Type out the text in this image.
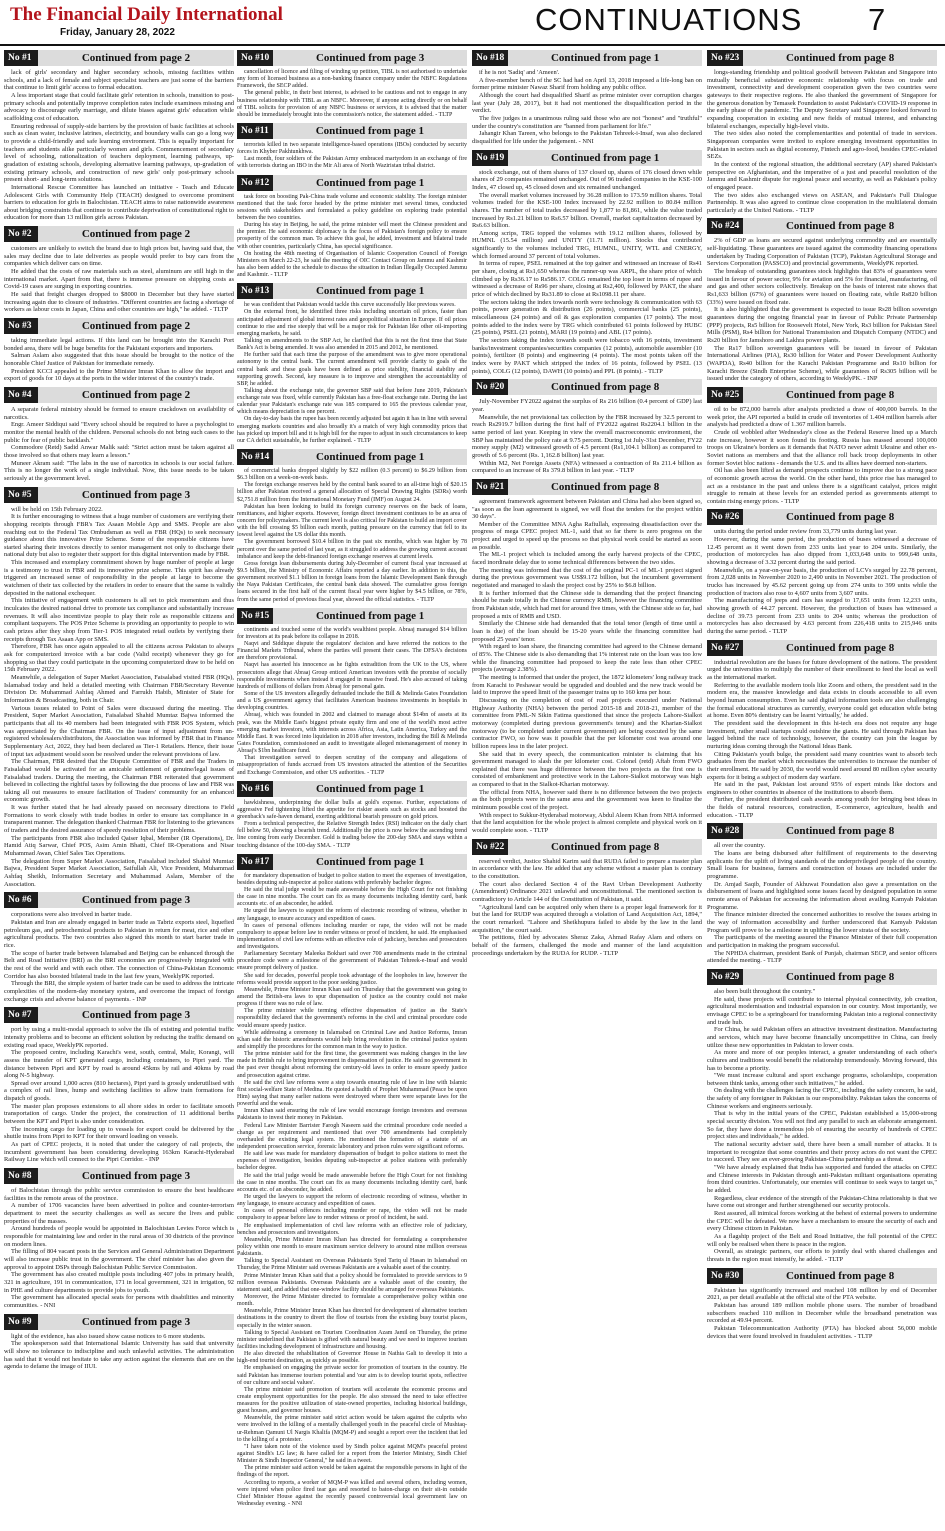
The Financial Daily International
Friday, January 28, 2022	CONTINUATIONS 7
No #1	Continued from page 2

lack of girls' secondary and higher secondary schools, missing facilities within schools, and a lack of female and subject specialist teachers are just some of the barriers that continue to limit girls' access to formal education.

A less important stage that could facilitate girls' retention in schools, transition to post-primary schools and potentially improve completion rates include examinees missing and advocacy to discourage early marriage, and dilute biases against girls' education while scaffolding cost of education.

Ensuring redressal of supply-side barriers by the provision of basic facilities at schools such as clean water, inclusive latrines, electricity, and boundary walls can go a long way to provide a child-friendly and safe learning environment. This is equally important for teachers and students alike particularly women and girls. Commencement of secondary level of schooling, rationalization of teachers deployment, learning pathways, up-gradation of existing schools, developing alternative learning pathways, up-gradation of existing primary schools, and construction of new girls' only post-primary schools present short- and long-term solutions.

International Rescue Committee has launched an initiative - Teach and Educate Adolescent Girls with Community Help (TEACH) designed to overcome prominent barriers to education for girls in Balochistan. TEACH aims to raise nationwide awareness about bridging constraints that continue to contribute deprivation of constitutional right to education for more than 13 million girls across Pakistan.

No #2	Continued from page 2

customers are unlikely to switch the brand due to high prices but, having said that, the sales may decline due to late deliveries as people would prefer to buy cars from the companies which deliver cars on time.

He added that the costs of raw materials such as steel, aluminum are still high in the international market. Apart from that, there is immense pressure on shipping costs as Covid-19 cases are surging in exporting countries.

He said that freight charges dropped to $8000 in December but they have started increasing again due to closure of industries. "Different countries are facing a shortage of workers as labour costs in Japan, China and other countries are high," he added. - TLTP

No #3	Continued from page 2

taking immediate legal actions. If this land can be brought into the Karachi Port bonded area, there will be huge benefits for the Pakistani exporters and importers.

Salman Aslam also suggested that this issue should be brought to the notice of the honorable Chief Justice of Pakistan for immediate remedy.

President KCCI appealed to the Prime Minister Imran Khan to allow the import and export of goods for 10 days at the ports in the wider interest of the country's trade.

No #4	Continued from page 2

A separate federal ministry should be formed to ensure crackdown on availability of narcotics.

Engr. Ameer Siddiqui said "Every school should be required to have a psychologist to monitor the mental health of the children. Personal schools do not bring such cases to the public for fear of public backlash."

Commodore (Retd) Sadid Anwar Malik said: "Strict action must be taken against all those involved so that others may learn a lesson."

Muneer Akram said: "The labs in the use of narcotics in schools is our social failure. This is no longer the work of a single individual. Now, this issue needs to be taken seriously at the government level.

No #5	Continued from page 3

will be held on 15th February 2022.

It is further encouraging to witness that a huge number of customers are verifying their shopping receipts through FBR's Tax Asaan Mobile App and SMS. People are also reaching out to the Federal Tax Ombudsman as well as FBR (HQs) to seek necessary guidance about this innovative Prize Scheme. Some of the responsible citizens have started sharing their invoices directly to senior management not only to discharge their national duty but also to register their support for this digital intervention made by FBR.

This increased and exemplary commitment shown by huge number of people at large is a testimony to trust in FBR and its innovative prize scheme. This spirit has already triggered an increased sense of responsibility in the people at large to become the watchmen of their tax collected by the retailers in order to ensure that the same is validly deposited in the national exchequer.

This initiative of engagement with customers is all set to pick momentum and thus inculcates the desired national drive to promote tax compliance and substantially increase revenues. It will also incentivize people to play their role as responsible citizens and compliant taxpayers. The POS Prize Scheme is providing an opportunity to people to win cash prizes after they shop from Tier-1 POS integrated retail outlets by verifying their receipts through Tax Asaan App or SMS.

Therefore, FBR has once again appealed to all the citizens across Pakistan to always ask for computerized invoice with a bar code (Valid receipt) whenever they go for shopping so that they could participate in the upcoming computerized draw to be held on 15th February 2022.

Meanwhile, a delegation of Super Market Association, Faisalabad visited FBR (HQs), Islamabad today and held a detailed meeting with Chairman FBR/Secretary Revenue Division Dr. Muhammad Ashfaq Ahmed and Farrukh Habib, Minister of State for Information & Broadcasting, both in Chair.

Various issues related to Point of Sales were discussed during the meeting. The President, Super Market Association, Faisalabad Shahid Mumtaz Bajwa informed the participants that all its 40 members had been integrated with FBR POS System, which was appreciated by the Chairman FBR. On the issue of input adjustment from un-registered wholesalers/distributors, the Association was informed by FBR that in Finance Supplementary Act, 2022, they had been declared as Tier-1 Retailers. Hence, their issue of input tax adjustment would soon be resolved under the relevant provisions of law.

The Chairman, FBR desired that the Dispute Committee of FBR and the Traders in Faisalabad would be activated for an amicable settlement of genuine/legal issues of Faisalabad traders. During the meeting, the Chairman FBR reiterated that government believed in collecting the rightful taxes by following the due process of law and FBR was taking all out measures to ensure facilitation of Traders' community for an enhanced economic growth.

It was further stated that he had already passed on necessary directions to Field Formations to work closely with trade bodies in order to ensure tax compliance in a transparent manner. The delegation thanked Chairman FBR for listening to the grievances of traders and the desired assurance of speedy resolution of their problems.

The participants from FBR also included Qaiser Iqbal, Member (IR Operations), Dr. Hamid Atiq Sarwar, Chief POS, Asim Amin Bhatti, Chief IR-Operations and Nisar Muhammad Awan, Chief Sales Tax Operations.

The delegation from Super Market Association, Faisalabad included Shahid Mumtaz Bajwa, President Super Market Association, Saifullah Ali, Vice President, Muhammad Ashfaq Sheikh, Information Secretary and Muhammad Aslam, Member of the Association.

No #6	Continued from page 3

corporations were also involved in barter trade.

Pakistan and Iran are already engaged in barter trade as Tabriz exports steel, liquefied petroleum gas, and petrochemical products to Pakistan in return for meat, rice and other agricultural products. The two countries also signed this month to start barter trade in rice.

The scope of barter trade between Islamabad and Beijing can be enhanced through the Belt and Road Initiative (BRI) as the BRI economies are progressively integrated with the rest of the world and with each other. The connection of China-Pakistan Economic Corridor has also boosted bilateral trade in the last few years, WeeklyPK reported.

Through the BRI, the simple system of barter trade can be used to address the intricate complexities of the modern-day monetary system, and overcome the impact of foreign exchange crisis and adverse balance of payments. - INP

No #7	Continued from page 3

port by using a multi-modal approach to solve the ills of existing and potential traffic intensity problems and to become an efficient solution by reducing the traffic demand on existing road space, WeeklyPK reported.

The proposed centre, including Karachi's west, south, central, Malir, Korangi, will assess the transfer of KPT generated cargo, including containers, to Pipri yard. The distance between Pipri and KPT by road is around 45kms by rail and 40kms by road along N-5 highway.

Spread over around 1,000 acres (810 hectares), Pipri yard is grossly underutilised with a complex of rail lines, hump and switching facilities to allow train formations for dispatch of goods.

The master plan proposes extensions to all shore sides in order to facilitate smooth transportation of cargo. Under the project, the construction of 11 additional berths between the KPT and Pipri is also under consideration.

The incoming cargo for loading up to vessels for export could be delivered by the shuttle trains from Pipri to KPT for their onward loading on vessels.

As part of CPEC projects, it is noted that under the category of rail projects, the incumbent government has been considering developing 163km Karachi-Hyderabad Railway Line which will connect to the Pipri Corridor. - INP

No #8	Continued from page 3

of Balochistan through the public service commission to ensure the best healthcare facilities in the remote areas of the province.

A number of 1706 vacancies have been advertised in police and counter-terrorism department to meet the security challenges as well as secure the lives and public properties of the masses.

Around hundreds of people would be appointed in Balochistan Levies Force which is responsible for maintaining law and order in the rural areas of 30 districts of the province on modern lines.

The filling of 804 vacant posts in the Services and General Administration Department will also increase public trust in the government. The chief minister has also given the approval to appoint DSPs through Balochistan Public Service Commission.

The government has also created multiple posts including 407 jobs in primary health, 321 in agriculture, 191 in communication, 171 in local government, 321 in irrigation, 92 in PHE and culture departments to provide jobs to youth.

The government has allocated special seats for persons with disabilities and minority communities. - NNI

No #9	Continued from page 3

light of the evidence, has also issued show cause notices to 6 more students.

The spokesperson said that International Islamic University has said that university will show no tolerance to indiscipline and such unlawful activities. The administration has said that it would not hesitate to take any action against the elements that are on the agenda to defame the image of IIUI.

No #10	Continued from page 3

cancellation of licence and filing of winding up petition, TIBL is not authorised to undertake any form of licensed business as a non-banking finance company under the NBFC Regulations Framework, the SECP added.

The general public, in their best interest, is advised to be cautious and not to engage in any business relationship with TIBL as an NBFC. Moreover, if anyone acting directly or on behalf of TIBL solicits for provision of any NBFC business or services, it is advised that the matter should be immediately brought into the commission's notice, the statement added. - TLTP

No #11	Continued from page 1

terrorists killed in two separate intelligence-based operations (IBOs) conducted by security forces in Khyber Pakhtunkhwa.

Last month, four soldiers of the Pakistan Army embraced martyrdom in an exchange of fire with terrorists during an IBO in the Mir Ali area of North Waziristan tribal district.

No #12	Continued from page 1

task force on boosting Pak-China trade volume and economic stability. The foreign minister mentioned that the task force headed by the prime minister met several times, conducted sessions with stakeholders and formulated a policy guideline on exploring trade potential between the two countries.

During his stay in Beijing, he said, the prime minister will meet the Chinese president and the premier. He said economic diplomacy is the focus of Pakistan's foreign policy to ensure prosperity of the common man. To achieve this goal, he added, investment and bilateral trade with other countries, particularly China, has special significance.

On hosting the 48th meeting of Organisation of Islamic Cooperation Council of Foreign Ministers on March 22-23, he said the meeting of OIC Contact Group on Jammu and Kashmir has also been added to the schedule to discuss the situation in Indian Illegally Occupied Jammu and Kashmir. - TLTP

No #13	Continued from page 1

he was confident that Pakistan would tackle this curve successfully like previous waves.

On the external front, he identified three risks including uncertain oil prices, faster than anticipated adjustment of global interest rates and geopolitical situation in Europe. If oil prices continue to rise and rise steeply that will be a major risk for Pakistan like other oil-importing emerging markets, he said.

Talking on amendments to the SBP Act, he clarified that this is not the first time that State Bank's Act is being amended. It was also amended in 2015 and 2012, he mentioned.

He further said that each time the purpose of the amendment was to give more operational autonomy to the central bank. The current amendment will provide clarity to goals of the central bank and these goals have been defined as price stability, financial stability and supporting growth. Second, key measure is to improve and strengthen the accountability of SBP, he added.

Talking about the exchange rate, the governor SBP said that before June 2019, Pakistan's exchange rate was fixed, while currently Pakistan has a free-float exchange rate. During the last calendar year Pakistan's exchange rate was 185 compared to 165 the previous calendar year, which means depreciation is one percent.

On day-to-day basis the rupee has been recently adjusted but again it has in line with several emerging markets countries and also broadly it's a match of very high commodity prices that has picked up import bill and it is high bill for the rupee to adjust in such circumstances to keep our CA deficit sustainable, he further explained. - TLTP

No #14	Continued from page 1

of commercial banks dropped slightly by $22 million (0.3 percent) to $6.29 billion from $6.3 billion on a week-on-week basis.

The foreign exchange reserves held by the central bank soared to an all-time high of $20.15 billion after Pakistan received a general allocation of Special Drawing Rights (SDRs) worth $2,751.8 million from the International Monetary Fund (IMF) on August 24.

Pakistan has been looking to build its foreign currency reserves on the back of loans, remittances, and higher exports. However, foreign direct investment continues to be an area of concern for policymakers. The current level is also critical for Pakistan to build an import cover with the bill crossing $5 billion each month, putting pressure on the currency that fell to its lowest level against the US dollar this month.

The government borrowed $10.4 billion in the past six months, which was higher by 78 percent over the same period of last year, as it struggled to address the growing current account imbalance and keep the debt-financed foreign exchange reserves at current levels.

Gross foreign loan disbursements during July-December of current fiscal year increased at $9.5 billion, the Ministry of Economic Affairs reported a day earlier. In addition to this, the government received $1.1 billion in foreign loans from the Islamic Development Bank through the Naya Pakistan Certificates, the central bank data showed. The cumulative gross foreign loans secured in the first half of the current fiscal year were higher by $4.5 billion, or 78%, from the same period of previous fiscal year, showed the official statistics. - TLTP

No #15	Continued from page 1

continents and touched some of the world's wealthiest people. Abraaj managed $14 billion for investors at its peak before its collapse in 2018.

Naqvi and Siddique dispute the regulators' decision and have referred the notices to the Financial Markets Tribunal, where the parties will present their cases. The DFSA's decisions are therefore provisional.

Naqvi has asserted his innocence as he fights extradition from the UK to the US, where prosecutors allege that Abraaj Group enticed American investors with the promise of socially responsible investments when instead it engaged in massive fraud. He's also accused of taking hundreds of millions of dollars from Abraaj for personal gain.

Some of the US investors allegedly defrauded include the Bill & Melinda Gates Foundation and a US government agency that facilitates American business investments in hospitals in developing countries.

Abraaj, which was founded in 2002 and claimed to manage about $14bn of assets at its peak, was the Middle East's biggest private equity firm and one of the world's most active emerging market investors, with interests across Africa, Asia, Latin America, Turkey and the Middle East. It was forced into liquidation in 2018 after investors, including the Bill & Melinda Gates Foundation, commissioned an audit to investigate alleged mismanagement of money in Abraaj's $1bn healthcare fund.

That investigation served to deepen scrutiny of the company and allegations of misappropriation of funds accrued from US investors attracted the attention of the Securities and Exchange Commission, and other US authorities. - TLTP

No #16	Continued from page 1

hawkishness, underpinning the dollar bulls at gold's expense. Further, expectations of aggressive Fed tightening lifted the appetite for riskier assets such as stocks and boosted the greenback's safe-haven demand, exerting additional bearish pressure on gold prices.

From a technical perspective, the Relative Strength Index (RSI) indicator on the daily chart fell below 50, showing a bearish trend. Additionally the price is now below the ascending trend line coming from early December. Gold is trading below the 200-day SMA and stays within a touching distance of the 100-day SMA. - TLTP

No #17	Continued from page 1

for mandatory dispensation of budget to police station to meet the expenses of investigation, besides deputing sub-inspector at police stations with preferably bachelor degree.

He said the trial judge would be made answerable before the High Court for not finishing the case in nine months. The court can fix as many documents including identity card, bank accounts etc. of an absconder, he added.

He urged the lawyers to support the reform of electronic recording of witness, whether in any language, to ensure accuracy and expedition of cases.

In cases of personal offences including murder or rape, the video will not be made compulsory to appear before law to render witness or proof of incident, he said. He emphasised implementation of civil law reforms with an effective role of judiciary, benches and prosecutors and investigators.

Parliamentary Secretary Maleeka Bokhari said over 700 amendments made in the criminal procedure code were a milestone of the government of Pakistan Tehreek-e-Insaf and would ensure prompt delivery of justice.

She said for decades, powerful people took advantage of the loopholes in law, however the reforms would provide support to the poor seeking justice.

Meanwhile, Prime Minister Imran Khan said on Thursday that the government was going to amend the British-era laws to spur dispensation of justice as the country could not make progress if there was no rule of law.

The prime minister while terming effective dispensation of justice as the State's responsibility declared that the government's reforms in the civil and criminal procedure code would ensure speedy justice.

While addressing a ceremony in Islamabad on Criminal Law and Justice Reforms, Imran Khan said the historic amendments would help bring revolution in the criminal justice system and simplify the procedures for the common man in the way to justice.

The prime minister said for the first time, the government was making changes in the law made in British rule to bring improvement in dispensation of justice. He said no government in the past ever thought about reforming the century-old laws in order to ensure speedy justice and prosecution against crime.

He said the civil law reforms were a step towards ensuring rule of law in line with Islamic first social-welfare State of Medina. He quoted a hadith of Prophet Muhammad (Peace be upon Him) saying that many earlier nations were destroyed where there were separate laws for the powerful and the weak.

Imran Khan said ensuring the rule of law would encourage foreign investors and overseas Pakistanis to invest their money in Pakistan.

Federal Law Minister Barrister Farogh Naseem said the criminal procedure code needed a change as per requirement and mentioned that over 700 amendments had completely overhauled the existing legal system. He mentioned the formation of a statute of an independent prosecution service, forensic laboratory and prison rules were significant reforms.

He said law was made for mandatory dispensation of budget to police stations to meet the expenses of investigation, besides deputing sub-inspector at police stations with preferably bachelor degree.

He said the trial judge would be made answerable before the High Court for not finishing the case in nine months. The court can fix as many documents including identity card, bank accounts etc. of an absconder, he added.

He urged the lawyers to support the reform of electronic recording of witness, whether in any language, to ensure accuracy and expedition of cases.

In cases of personal offences including murder or rape, the video will not be made compulsory to appear before law to render witness or proof of incident, he said.

He emphasised implementation of civil law reforms with an effective role of judiciary, benches and prosecutors and investigators.

Meanwhile, Prime Minister Imran Khan has directed for formulating a comprehensive policy within one month to ensure maximum service delivery to around nine million overseas Pakistanis.

Talking to Special Assistant on Overseas Pakistanis Syed Tariq ul Hasan in Islamabad on Thursday, the Prime Minister said overseas Pakistanis are a valuable asset of the country.

Prime Minister Imran Khan said that a policy should be formulated to provide services to 9 million overseas Pakistanis. Overseas Pakistanis are a valuable asset of the country, the statement said, and added that one-window facility should be arranged for overseas Pakistanis.

Moreover, the Prime Minister directed to formulate a comprehensive policy within one month.

Meanwhile, Prime Minister Imran Khan has directed for development of alternative tourism destinations in the country to divert the flow of tourists from the existing busy tourist places, especially in the winter season.

Talking to Special Assistant on Tourism Coordination Azam Jamil on Thursday, the prime minister underlined that Pakistan is gifted with natural beauty and we need to improve tourism facilities including development of infrastructure and housing.

He also directed the rehabilitation of Governor House in Nathia Gali to develop it into a high-end tourist destination, as quickly as possible.

He emphasised on engaging the private sector for promotion of tourism in the country. He said Pakistan has immense tourism potential and 'our aim is to develop tourist spots, reflective of our culture and social values'.

The prime minister said promotion of tourism will accelerate the economic process and create employment opportunities for the people. He also stressed the need to take effective measures for the positive utilization of state-owned properties, including historical buildings, guest houses, and governor houses.

Meanwhile, the prime minister said strict action would be taken against the culprits who were involved in the killing of a mentally challenged youth in the peaceful circle of Mushtaq-ur-Rehman Qamuni Ul Nargis Khalifa (MQM-P) and sought a report over the incident that led to the killing of a protester.

"I have taken note of the violence used by Sindh police against MQM's peaceful protest against Sindh's LG law; & have called for a report from the Interior Ministry, Sindh Chief Minister & Sindh Inspector General," he said in a tweet.

The prime minister said action would be taken against the responsible persons in light of the findings of the report.

According to reports, a worker of MQM-P was killed and several others, including women, were injured when police fired tear gas and resorted to baton-charge on their sit-in outside Chief Minister House against the recently passed controversial local government law on Wednesday evening. - NNI

No #18	Continued from page 1

if he is not 'Sadiq' and 'Ameen'.

A five-member bench of the SC had had on April 13, 2018 imposed a life-long ban on former prime minister Nawaz Sharif from holding any public office.

Although the court had disqualified Sharif as prime minister over corruption charges last year (July 28, 2017), but it had not mentioned the disqualification period in the verdict.

The five judges in a unanimous ruling said those who are not "honest" and "truthful" under the country's constitution are "banned from parliament for life."

Jahangir Khan Tareen, who belongs to the Pakistan Tehreek-i-Insaf, was also declared disqualified for life under the judgement. - NNI

No #19	Continued from page 1

stock exchange, out of them shares of 137 closed up, shares of 176 closed down while shares of 29 companies remained unchanged. Out of 96 traded companies in the KSE-100 Index, 47 closed up, 45 closed down and six remained unchanged.

The overall market volumes increased by 36.28 million to 173.59 million shares. Total volumes traded for the KSE-100 Index increased by 22.92 million to 80.84 million shares. The number of total trades decreased by 1,877 to 81,861, while the value traded increased by Rs1.21 billion to Rs6.57 billion. Overall, market capitalization decreased by Rs6.63 billion.

Among scrips, TRG topped the volumes with 19.12 million shares, followed by HUMNL (15.54 million) and UNITY (11.71 million). Stocks that contributed significantly to the volumes included TRG, HUMNL, UNITY, WTL and CNERGY, which formed around 37 percent of total volumes.

In terms of rupee, PSEL remained at the top gainer and witnessed an increase of Rs41 per share, closing at Rs1,650 whereas the runner-up was ARPL, the share price of which climbed up by Rs36.17 to Rs586.17. COLG remained the top loser in terms of rupee and witnessed a decrease of Rs96 per share, closing at Rs2,400, followed by PAKT, the share price of which declined by Rs31.89 to close at Rs1098.11 per share.

The sectors taking the index towards north were technology & communication with 63 points, power generation & distribution (26 points), commercial banks (25 points), miscellaneous (24 points) and oil & gas exploration companies (17 points). The most points added to the index were by TRG which contributed 61 points followed by HUBC (25 points), PSEL (21 points), MARI (19 points) and ABL (17 points).

The sectors taking the index towards south were tobacco with 16 points, investment banks/investment companies/securities companies (12 points), automobile assembler (10 points), fertilizer (8 points) and engineering (4 points). The most points taken off the index were by PAKT which stripped the index of 16 points, followed by PSEL (13 points), COLG (12 points), DAWH (10 points) and PPL (8 points). - TLTP

No #20	Continued from page 8

July-November FY2022 against the surplus of Rs 216 billion (0.4 percent of GDP) last year.

Meanwhile, the net provisional tax collection by the FBR increased by 32.5 percent to reach Rs2919.7 billion during the first half of FY2022 against Rs2204.1 billion in the same period of last year. Keeping in view the overall macroeconomic environment, the SBP has maintained the policy rate at 9.75 percent. During 1st July-31st December, FY22 money supply (M2) witnessed growth of 4.5 percent (Rs1,104.1 billion) as compared to growth of 5.6 percent (Rs. 1,162.8 billion) last year.

Within M2, Net Foreign Assets (NFA) witnessed a contraction of Rs 211.4 billion as compared to an increase of Rs 379.8 billion in last year. - TLTP

No #21	Continued from page 8

agreement framework agreement between Pakistan and China had also been signed so, "as soon as the loan agreement is signed, we will float the tenders for the project within 30 days".

Member of the Committee MNA Agha Rafiullah, expressing dissatisfaction over the progress of mega CPEC project ML-1, said that so far there is zero progress on the project and urged to speed up the process so that physical work could be started as soon as possible.

The ML-1 project which is included among the early harvest projects of the CPEC, faced inordinate delay due to some technical differences between the two sides.

The meeting was informed that the cost of the original PC-1 of ML-1 project signed during the previous government was US$9.172 billion, but the incumbent government negotiated and managed to slash the project cost by 25% to $6.8 billion.

It is further informed that the Chinese side is demanding that the project financing should be made totally in the Chinese currency RMB, however the financing committee from Pakistan side, which had met for around five times, with the Chinese side so far, had proposed a mix of RMB and USD.

Similarly the Chinese side had demanded that the total tenor (length of time until a loan is due) of the loan should be 15-20 years while the financing committee had proposed 25 years' tenor.

With regard to loan share, the financing committee had agreed to the Chinese demand of 85%. The Chinese side is also demanding that 1% interest rate on the loan was too low while the financing committee had proposed to keep the rate less than other CPEC projects (average 2.38%).

The meeting is informed that under the project, the 1872 kilometers' long railway track from Karachi to Peshawar would be upgraded and doubled and the new track would be laid to improve the speed limit of the passenger trains up to 160 kms per hour.

Discussing on the completion of cost of road projects executed under National Highway Authority (NHA) between the period 2015-18 and 2018-21, member of the committee from PML-N Sikin Fatima questioned that since the projects Lahore-Sialkot motorway (completed during previous government's tenure) and the Kharian-Sialkot motorway (to be completed under current government) are being executed by the same contractor FWO, so how was it possible that the per kilometer cost was around one billion rupees less in the later project.

She said that in every speech, the communication minister is claiming that his government managed to slash the per kilometer cost. Colonel (retd) Aftab from FWO explained that there was huge difference between the two projects as the first one is consisted of embankment and protective work in the Lahore-Sialkot motorway was high as compared to that in the Sialkot-Kharian motorway.

The official from NHA, however said there is no difference between the two projects as the both projects were in the same area and the government was keen to finalize the minimum possible cost of the project.

With respect to Sukkur-Hyderabad motorway, Abdul Aleem Khan from NHA informed that the land acquisition for the whole project is almost complete and physical work on it would complete soon. - TLTP

No #22	Continued from page 8

reserved verdict, Justice Shahid Karim said that RUDA failed to prepare a master plan in accordance with the law. He added that any scheme without a master plan is contrary to the constitution.

The court also declared Section 4 of the Ravi Urban Development Authority (Amendment) Ordinance 2021 unlawful and unconstitutional. The mentioned section is contradictory to Article 144 of the Constitution of Pakistan, it said.

"Agricultural land can be acquired only when there is a proper legal framework for it but the land for RUDP was acquired through a violation of Land Acquisition Act, 1894," the court remarked. "Lahore and Sheikhupura failed to abide by the law in the land acquisition," the court said.

The petitions, filed by advocates Sheraz Zaka, Ahmad Rafay Alam and others on behalf of the farmers, challenged the mode and manner of the land acquisition proceedings undertaken by the RUDA for RUDP. - TLTP

No #23	Continued from page 8

longs-standing friendship and political goodwill between Pakistan and Singapore into mutually beneficial substantive economic relationship with focus on trade and investment, connectivity and development cooperation given the two countries were gateways to their respective regions. He also thanked the government of Singapore for the generous donation by Temasek Foundation to assist Pakistan's COVID-19 response in the early phase of the pandemic. The Deputy Secretary said Singapore looked forward to expanding cooperation in existing and new fields of mutual interest, and enhancing bilateral exchanges, especially high-level visits.

The two sides also noted the complementarities and potential of trade in services. Singaporean companies were invited to explore emerging investment opportunities in Pakistan in sectors such as digital economy, Fintech and agro-food, besides CPEC-related SEZs.

In the context of the regional situation, the additional secretary (AP) shared Pakistan's perspective on Afghanistan, and the imperative of a just and peaceful resolution of the Jammu and Kashmir dispute for regional peace and security, as well as Pakistan's policy of engaged peace.

The two sides also exchanged views on ASEAN, and Pakistan's Full Dialogue Partnership. It was also agreed to continue close cooperation in the multilateral domain particularly at the United Nations. - TLTP

No #24	Continued from page 8

2% of GDP as loans are secured against underlying commodity and are essentially self-liquidating. These guarantees are issued against the commodity financing operations undertaken by Trading Corporation of Pakistan (TCP), Pakistan Agricultural Storage and Services Corporation (PASSCO) and provincial governments, WeeklyPK reported.

The breakup of outstanding guarantees stock highlights that 83% of guarantees were issued in favour of power sector, 9% for aviation and 5% for financial, manufacturing, oil and gas and other sectors collectively. Breakup on the basis of interest rate shows that Rs1,633 billion (67%) of guarantees were issued on floating rate, while Rs820 billion (33%) were issued on fixed rate.

It is also highlighted that the government is expected to issue Rs28 billion sovereign guarantees during the ongoing financial year in favour of Public Private Partnership (PPP) projects, Rs5 billion for Roosevelt Hotel, New York, Rs3 billion for Pakistan Steel Mills (PSM), Rs4 billion for National Transmission and Dispatch Company (NTDC) and Rs20 billion for Jamshoro and Lakhra power plants.

The Rs17 billion sovereign guarantees will be issued in favour of Pakistan International Airlines (PIA), Rs30 billion for Water and Power Development Authority (WAPDA), Rs40 billion for the Karachi Pakistan Programme and Rs10 billion for Karachi Breeze (Sindh Enterprise Scheme), while guarantees of Rs305 billion will be issued under the category of others, according to WeeklyPK. - INP

No #25	Continued from page 8

oil to be 872,000 barrels after analysts predicted a draw of 400,000 barrels. In the week prior, the API reported a build in crude oil inventories of 1.404 million barrels after analysts had predicted a draw of 1.367 million barrels.

Crude oil wobbled after Wednesday's close as the Federal Reserve lined up a March rate increase, however it soon found its footing. Russia has massed around 100,000 troops on Ukraine's borders as it demands that NATO never admit Ukraine and other ex-Soviet nations as members and that the alliance roll back troop deployments in other former Soviet bloc nations - demands the U.S. and its allies have deemed non-starters.

Oil has also been lifted as demand prospects continue to improve due to a strong pace of economic growth across the world. On the other hand, this price rise has managed to act as a resistance in the past and unless there is a significant catalyst, prices might struggle to remain at these levels for an extended period as governments attempt to contain rising energy prices. - TLTP

No #26	Continued from page 8

units during the period under review from 33,779 units during last year.

However, during the same period, the production of buses witnessed a decrease of 12.45 percent as it went down from 233 units last year to 204 units. Similarly, the production of motorcycles has also dipped from 1,033,648 units to 999,648 units, showing a decrease of 3.32 percent during the said period.

Meanwhile, on a year-on-year basis, the production of LCVs surged by 22.78 percent, from 2,028 units in November 2020 to 2,490 units in November 2021. The production of trucks has increased by 45.62 percent going up from 274 units to 399 units while the production of tractors also rose to 4,607 units from 3,607 units.

The manufacturing of jeeps and cars has surged to 17,651 units from 12,233 units, showing growth of 44.27 percent. However, the production of buses has witnessed a decline of 39.73 percent from 233 units to 204 units; whereas the production of motorcycles has also decreased by 4.63 percent from 226,418 units to 215,946 units during the same period. - TLTP

No #27	Continued from page 8

industrial revolution are the bases for future development of the nations. The president urged the universities to multiply the number of their enrollment to feed the local as well as the international market.

Referring to the available modern tools like Zoom and others, the president said in the modern era, the massive knowledge and data exists in clouds accessible to all even beyond human consumption. Even he said digital information tools are also challenging the formal educational structures as currently, everyone could get education while being at home. Even 80% dentistry can be learnt 'virtually,' he added.

The president said the development in this hi-tech era does not require any huge investment, rather small startups could outshine the giants. He said through Pakistan has lagged behind the race of technology, however, the country can join the league by nurturing ideas coming through the National Ideas Bank.

Citing Pakistan's youth bulge, the president said many countries want to absorb tech graduates from the market which necessitates the universities to increase the number of their enrollment. He said by 2030, the world would need around 80 million cyber security experts for it being a subject of modern day warfare.

He said in the past, Pakistan lost around 95% of expert minds like doctors and engineers to other countries in absence of the institutions to absorb them.

Further, the president distributed cash awards among youth for bringing best ideas in the fields of natural resources, construction, E-commerce, agriculture, health and education. - TLTP

No #28	Continued from page 8

all over the country.

The loans are being disbursed after fulfillment of requirements to the deserving applicants for the uplift of living standards of the underprivileged people of the country. Small loans for business, farmers and construction of houses are included under the programme.

Dr. Amjad Saqib, Founder of Akhuwat Foundation also gave a presentation on the disbursement of loans and highlighted some issues faced by designed population in some remote areas of Pakistan for accessing the information about availing Kamyab Pakistan Programme.

The finance minister directed the concerned authorities to resolve the issues arising in the way of information accessibility and further underscored that Kamyab Pakistan Program will prove to be a milestone in uplifting the lower strata of the society.

The participants of the meeting assured the Finance Minister of their full cooperation and participation in making the program successful.

The NPHDA chairman, president Bank of Punjab, chairman SECP, and senior officers attended the meeting. - TLTP

No #29	Continued from page 8

also been built throughout the country."

He said, these projects will contribute to internal physical connectivity, job creation, agricultural modernisation and industrial expansion in our country. Most importantly, we envisage CPEC to be a springboard for transforming Pakistan into a regional connectivity and trade hub.

For China, he said Pakistan offers an attractive investment destination. Manufacturing and services, which may have become financially uncompetitive in China, can freely utilize these new opportunities in Pakistan to lower costs.

As more and more of our peoples interact, a greater understanding of each other's cultures and traditions would benefit the relationship tremendously. Moving forward, this has to become a priority.

"We must increase cultural and sport exchange programs, scholarships, cooperation between think tanks, among other such initiatives," he added.

On dealing with the challenges facing the CPEC, including the safety concern, he said, the safety of any foreigner in Pakistan is our responsibility. Pakistan takes the concerns of Chinese workers and engineers seriously.

That is why in the initial years of the CPEC, Pakistan established a 15,000-strong special security division. You will not find any parallel to such an elaborate arrangement. So far, they have done a tremendous job of ensuring the security of hundreds of CPEC project sites and individuals," he added.

The national security adviser said, there have been a small number of attacks. It is important to recognize that some countries and their proxy actors do not want the CPEC to succeed. They see an ever-growing Pakistan-China partnership as a threat.

"We have already explained that India has supported and funded the attacks on CPEC and Chinese interests in Pakistan through anti-Pakistan militant organisations operating from third countries. Unfortunately, our enemies will continue to seek ways to target us," he added.

Regardless, clear evidence of the strength of the Pakistan-China relationship is that we have come out stronger and further strengthened our security protocols.

Rest assured, all inimical forces working at the behest of external powers to undermine the CPEC will be defeated. We now have a mechanism to ensure the security of each and every Chinese citizen in Pakistan.

As a flagship project of the Belt and Road Initiative, the full potential of the CPEC will only be realised when there is peace in the region.

Overall, as strategic partners, our efforts to jointly deal with shared challenges and threats in the region must intensify, he added. - TLTP

No #30	Continued from page 8

Pakistan has significantly increased and reached 108 million by end of December 2021, as per detail available at the official site of the PTA website.

Pakistan has around 189 million mobile phone users. The number of broadband subscribers reached 110 million in December while the broadband penetration was recorded at 49.94 percent.

Pakistan Telecommunication Authority (PTA) has blocked about 56,000 mobile devices that were found involved in fraudulent activities. - TLTP
